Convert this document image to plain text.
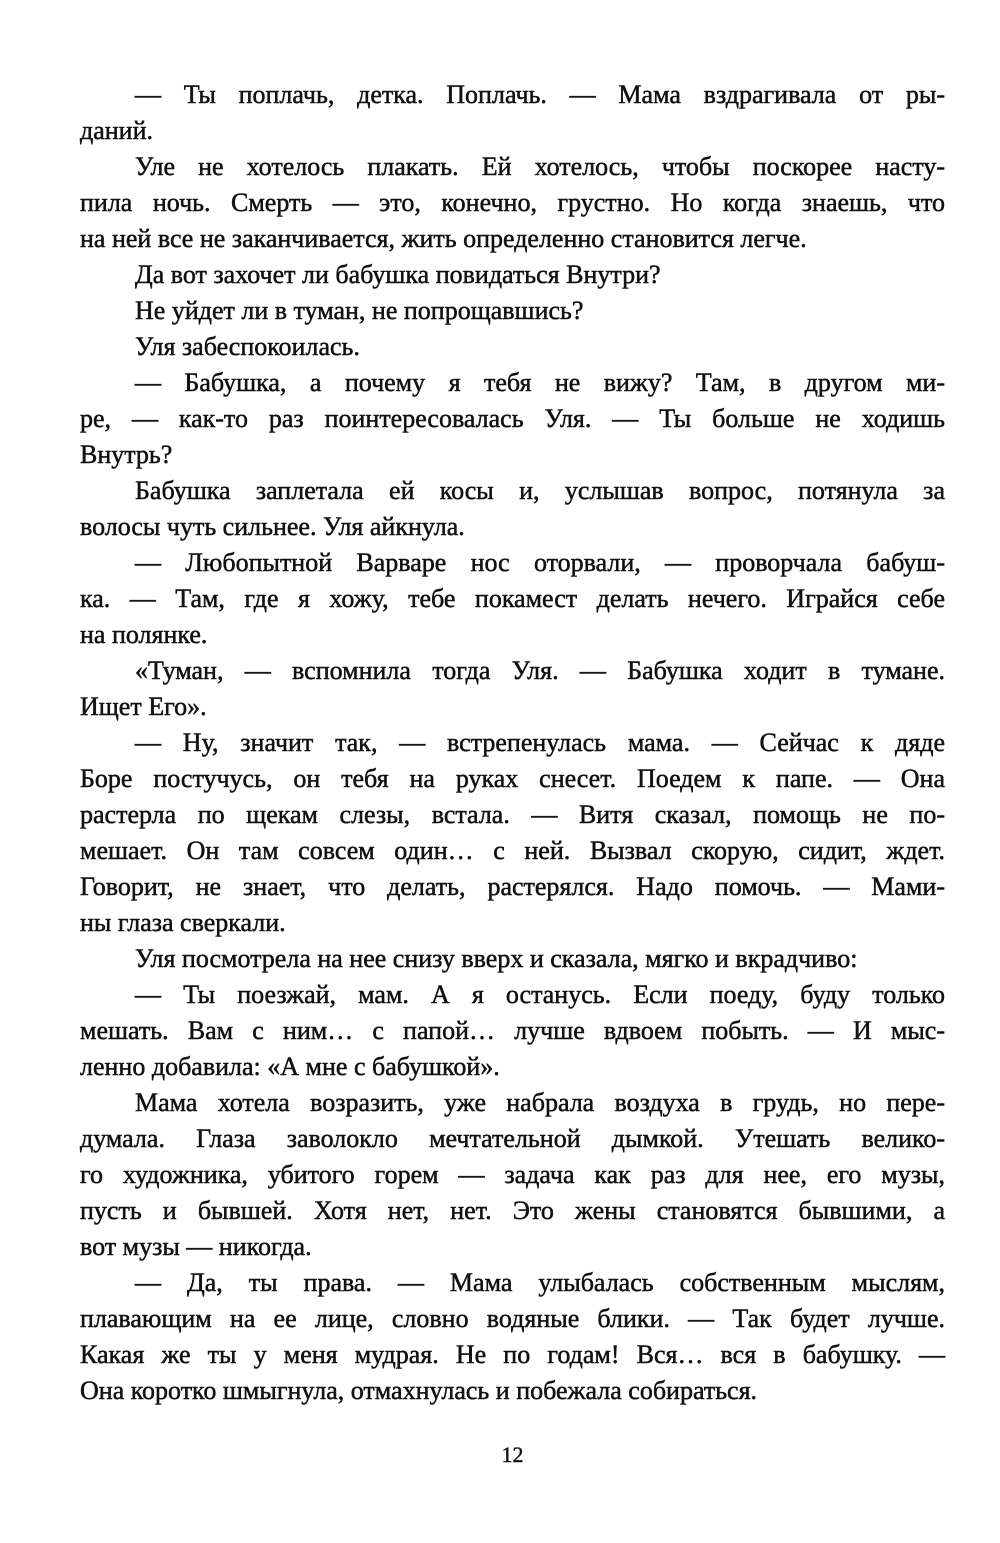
— Ты поплачь, детка. Поплачь. — Мама вздрагивала от ры-
даний.
Уле не хотелось плакать. Ей хотелось, чтобы поскорее насту-
пила ночь. Смерть — это, конечно, грустно. Но когда знаешь, что
на ней все не заканчивается, жить определенно становится легче.
Да вот захочет ли бабушка повидаться Внутри?
Не уйдет ли в туман, не попрощавшись?
Уля забеспокоилась.
— Бабушка, а почему я тебя не вижу? Там, в другом ми-
ре, — как-то раз поинтересовалась Уля. — Ты больше не ходишь
Внутрь?
Бабушка заплетала ей косы и, услышав вопрос, потянула за
волосы чуть сильнее. Уля айкнула.
— Любопытной Варваре нос оторвали, — проворчала бабуш-
ка. — Там, где я хожу, тебе покамест делать нечего. Играйся себе
на полянке.
«Туман, — вспомнила тогда Уля. — Бабушка ходит в тумане.
Ищет Его».
— Ну, значит так, — встрепенулась мама. — Сейчас к дяде
Боре постучусь, он тебя на руках снесет. Поедем к папе. — Она
растерла по щекам слезы, встала. — Витя сказал, помощь не по-
мешает. Он там совсем один… с ней. Вызвал скорую, сидит, ждет.
Говорит, не знает, что делать, растерялся. Надо помочь. — Мами-
ны глаза сверкали.
Уля посмотрела на нее снизу вверх и сказала, мягко и вкрадчиво:
— Ты поезжай, мам. А я останусь. Если поеду, буду только
мешать. Вам с ним… с папой… лучше вдвоем побыть. — И мыс-
ленно добавила: «А мне с бабушкой».
Мама хотела возразить, уже набрала воздуха в грудь, но пере-
думала. Глаза заволокло мечтательной дымкой. Утешать велико-
го художника, убитого горем — задача как раз для нее, его музы,
пусть и бывшей. Хотя нет, нет. Это жены становятся бывшими, а
вот музы — никогда.
— Да, ты права. — Мама улыбалась собственным мыслям,
плавающим на ее лице, словно водяные блики. — Так будет лучше.
Какая же ты у меня мудрая. Не по годам! Вся… вся в бабушку. —
Она коротко шмыгнула, отмахнулась и побежала собираться.
12
